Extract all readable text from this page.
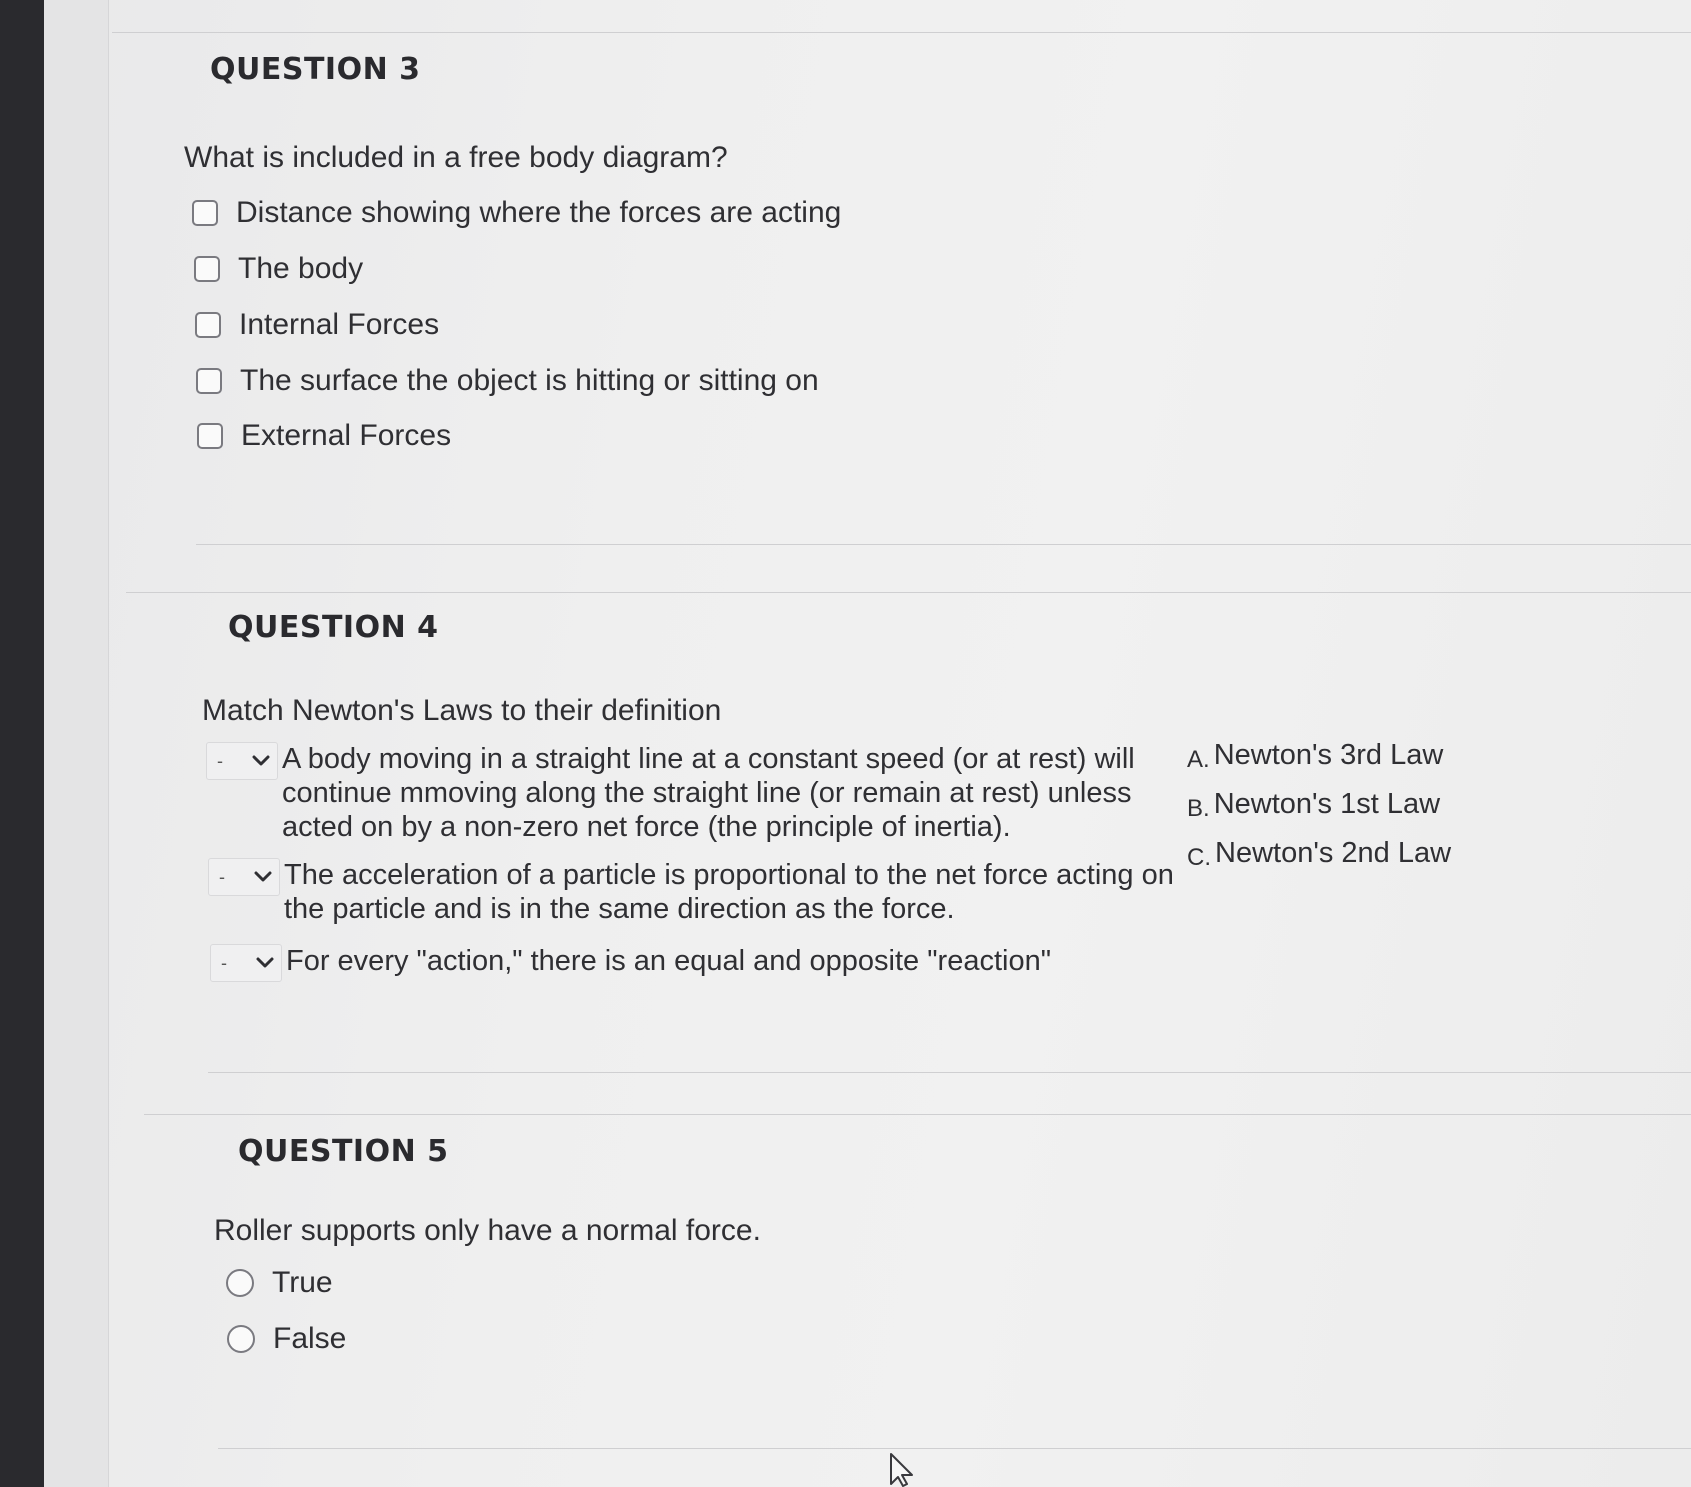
QUESTION 3
What is included in a free body diagram?
Distance showing where the forces are acting
The body
Internal Forces
The surface the object is hitting or sitting on
External Forces
QUESTION 4
Match Newton's Laws to their definition
- A body moving in a straight line at a constant speed (or at rest) will continue mmoving along the straight line (or remain at rest) unless acted on by a non-zero net force (the principle of inertia).
- The acceleration of a particle is proportional to the net force acting on the particle and is in the same direction as the force.
- For every "action," there is an equal and opposite "reaction"
A. Newton's 3rd Law
B. Newton's 1st Law
C. Newton's 2nd Law
QUESTION 5
Roller supports only have a normal force.
True
False
